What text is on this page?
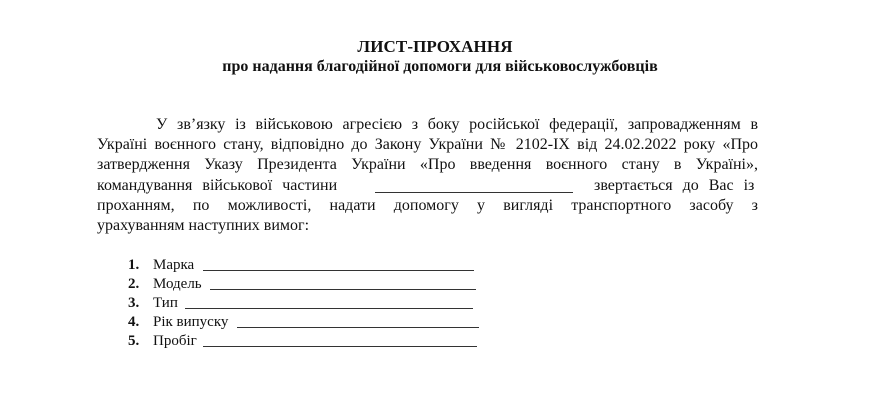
ЛИСТ-ПРОХАННЯ
про надання благодійної допомоги для військовослужбовців
У зв’язку із військовою агресією з боку російської федерації, запровадженням в
Україні воєнного стану, відповідно до Закону України № 2102-IX від 24.02.2022 року «Про
затвердження Указу Президента України «Про введення воєнного стану в Україні»,
командування військової частини	звертається до Вас із
проханням, по можливості, надати допомогу у вигляді транспортного засобу з
урахуванням наступних вимог:
1. Марка
2. Модель
3. Тип
4. Рік випуску
5. Пробіг
